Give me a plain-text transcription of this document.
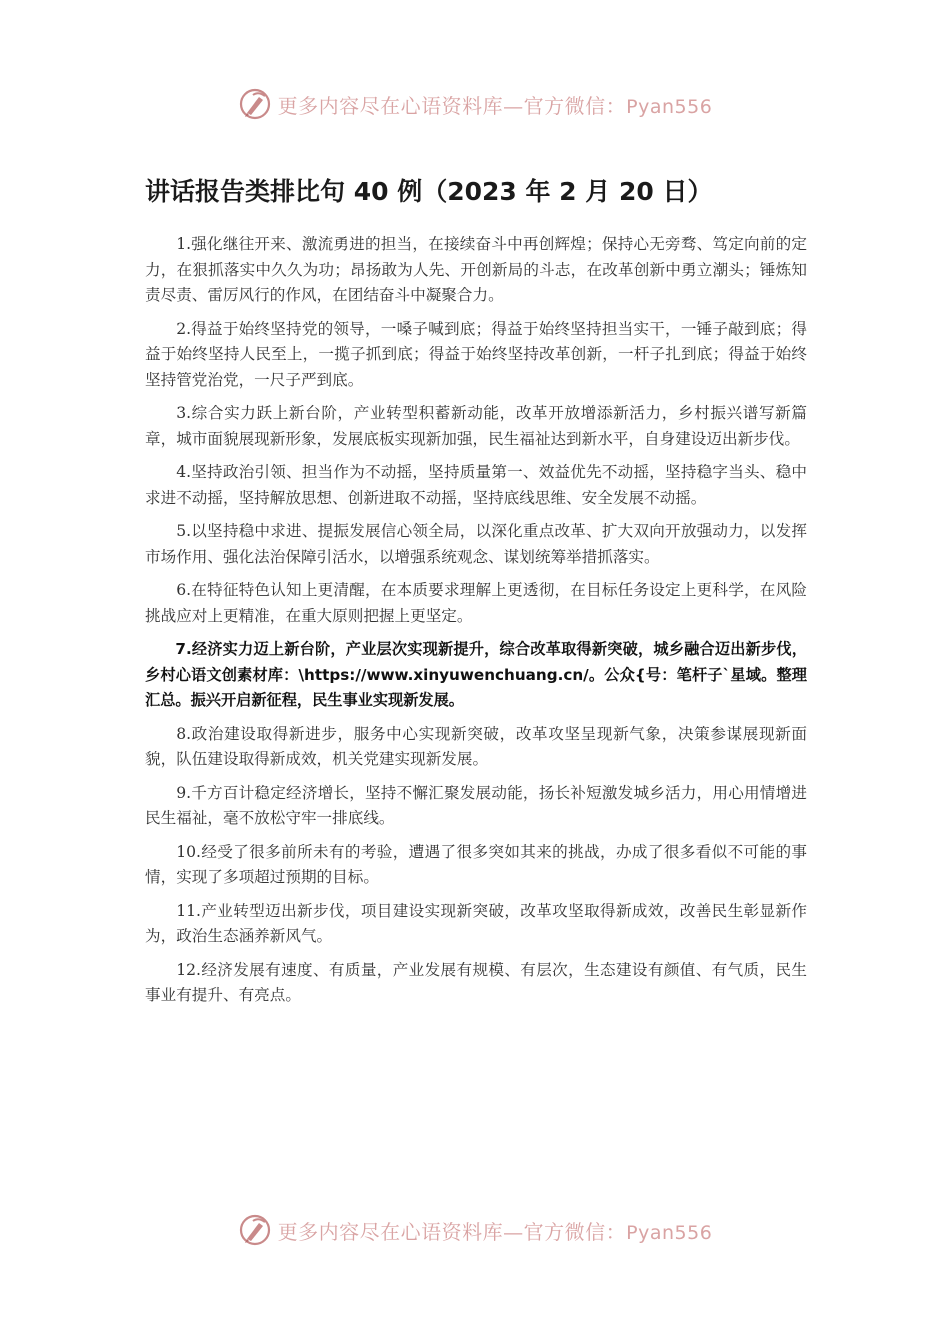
更多内容尽在心语资料库—官方微信：Pyan556
讲话报告类排比句 40 例（2023 年 2 月 20 日）

1.强化继往开来、激流勇进的担当，在接续奋斗中再创辉煌；保持心无旁骛、笃定向前的定力，在狠抓落实中久久为功；昂扬敢为人先、开创新局的斗志，在改革创新中勇立潮头；锤炼知责尽责、雷厉风行的作风，在团结奋斗中凝聚合力。

2.得益于始终坚持党的领导，一嗓子喊到底；得益于始终坚持担当实干，一锤子敲到底；得益于始终坚持人民至上，一揽子抓到底；得益于始终坚持改革创新，一杆子扎到底；得益于始终坚持管党治党，一尺子严到底。

3.综合实力跃上新台阶，产业转型积蓄新动能，改革开放增添新活力，乡村振兴谱写新篇章，城市面貌展现新形象，发展底板实现新加强，民生福祉达到新水平，自身建设迈出新步伐。

4.坚持政治引领、担当作为不动摇，坚持质量第一、效益优先不动摇，坚持稳字当头、稳中求进不动摇，坚持解放思想、创新进取不动摇，坚持底线思维、安全发展不动摇。

5.以坚持稳中求进、提振发展信心领全局，以深化重点改革、扩大双向开放强动力，以发挥市场作用、强化法治保障引活水，以增强系统观念、谋划统筹举措抓落实。

6.在特征特色认知上更清醒，在本质要求理解上更透彻，在目标任务设定上更科学，在风险挑战应对上更精准，在重大原则把握上更坚定。

7.经济实力迈上新台阶，产业层次实现新提升，综合改革取得新突破，城乡融合迈出新步伐，乡村心语文创素材库：\https://www.xinyuwenchuang.cn/。公众{号：笔杆子`星域。整理汇总。振兴开启新征程，民生事业实现新发展。

8.政治建设取得新进步，服务中心实现新突破，改革攻坚呈现新气象，决策参谋展现新面貌，队伍建设取得新成效，机关党建实现新发展。

9.千方百计稳定经济增长，坚持不懈汇聚发展动能，扬长补短激发城乡活力，用心用情增进民生福祉，毫不放松守牢一排底线。

10.经受了很多前所未有的考验，遭遇了很多突如其来的挑战，办成了很多看似不可能的事情，实现了多项超过预期的目标。

11.产业转型迈出新步伐，项目建设实现新突破，改革攻坚取得新成效，改善民生彰显新作为，政治生态涵养新风气。

12.经济发展有速度、有质量，产业发展有规模、有层次，生态建设有颜值、有气质，民生事业有提升、有亮点。

更多内容尽在心语资料库—官方微信：Pyan556
